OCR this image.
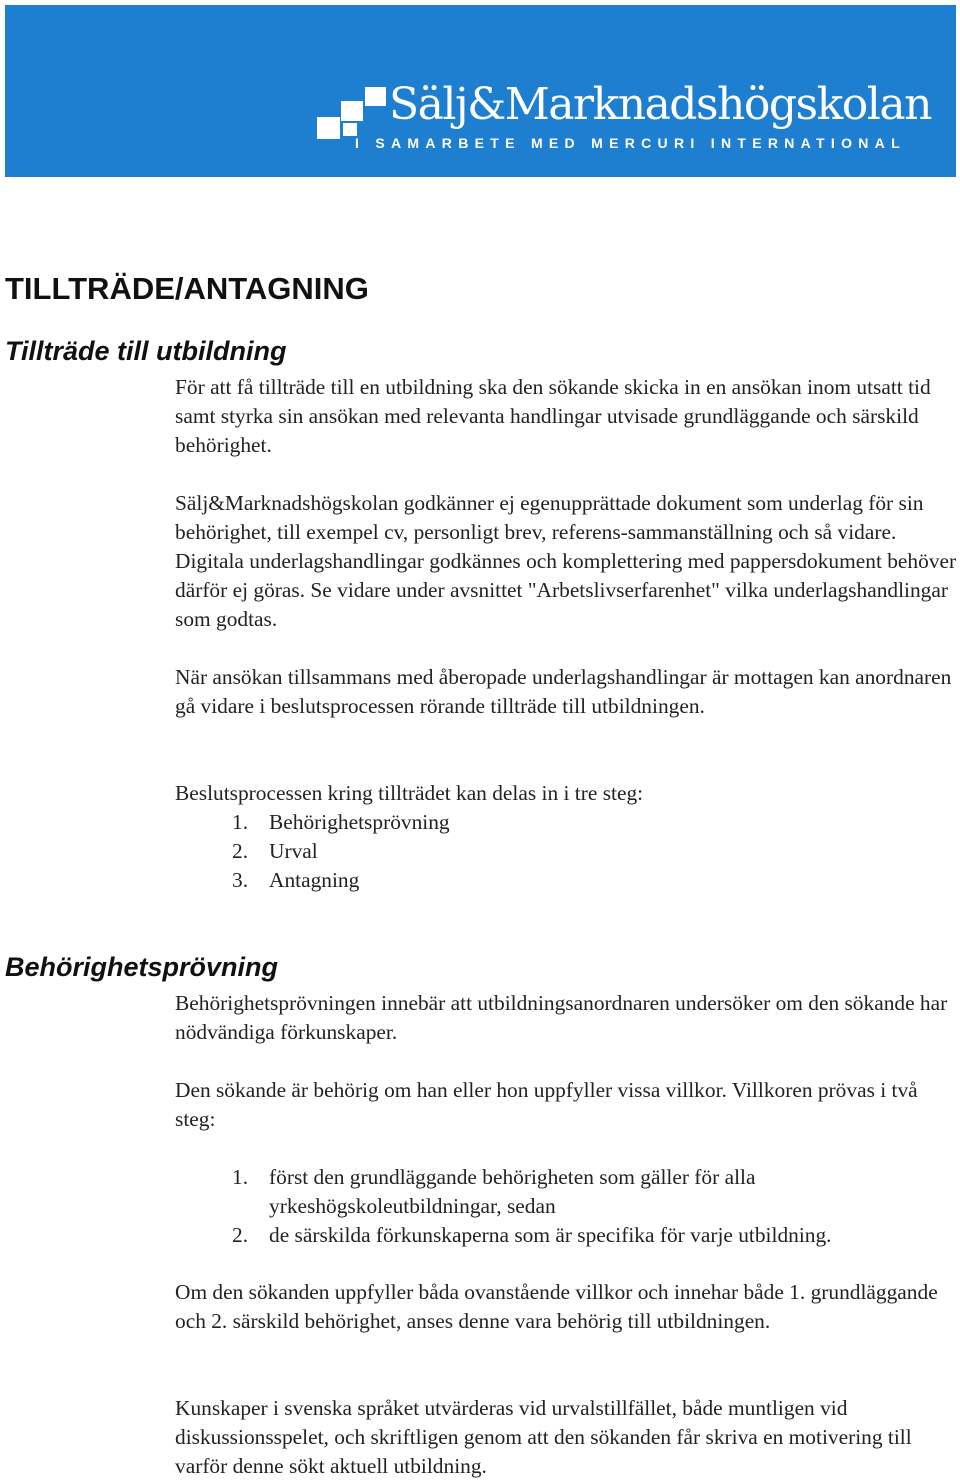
Sälj&Marknadshögskolan
I SAMARBETE MED MERCURI INTERNATIONAL
TILLTRÄDE/ANTAGNING
Tillträde till utbildning

För att få tillträde till en utbildning ska den sökande skicka in en ansökan inom utsatt tid samt styrka sin ansökan med relevanta handlingar utvisade grundläggande och särskild behörighet.

Sälj&Marknadshögskolan godkänner ej egenupprättade dokument som underlag för sin behörighet, till exempel cv, personligt brev, referens-sammanställning och så vidare. Digitala underlagshandlingar godkännes och komplettering med pappersdokument behöver därför ej göras. Se vidare under avsnittet "Arbetslivserfarenhet" vilka underlagshandlingar som godtas.

När ansökan tillsammans med åberopade underlagshandlingar är mottagen kan anordnaren gå vidare i beslutsprocessen rörande tillträde till utbildningen.

Beslutsprocessen kring tillträdet kan delas in i tre steg:

1. Behörighetsprövning
2. Urval
3. Antagning
Behörighetsprövning

Behörighetsprövningen innebär att utbildningsanordnaren undersöker om den sökande har nödvändiga förkunskaper.

Den sökande är behörig om han eller hon uppfyller vissa villkor. Villkoren prövas i två steg:

1. först den grundläggande behörigheten som gäller för alla yrkeshögskoleutbildningar, sedan
2. de särskilda förkunskaperna som är specifika för varje utbildning.

Om den sökanden uppfyller båda ovanstående villkor och innehar både 1. grundläggande och 2. särskild behörighet, anses denne vara behörig till utbildningen.

Kunskaper i svenska språket utvärderas vid urvalstillfället, både muntligen vid diskussionsspelet, och skriftligen genom att den sökanden får skriva en motivering till varför denne sökt aktuell utbildning.
